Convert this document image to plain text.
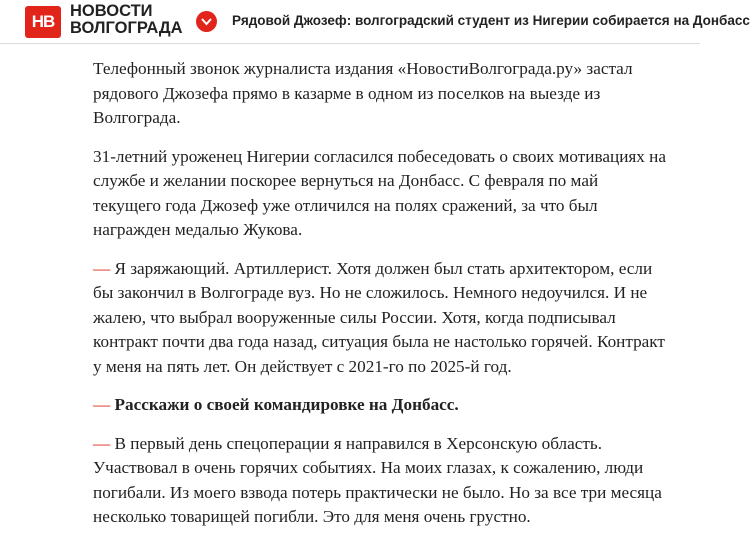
НВ
НОВОСТИ
ВОЛГОГРАДА	Рядовой Джозеф: волгоградский студент из Нигерии собирается на Донбасс

Телефонный звонок журналиста издания «НовостиВолгограда.ру» застал рядового Джозефа прямо в казарме в одном из поселков на выезде из Волгограда.

31-летний уроженец Нигерии согласился побеседовать о своих мотивациях на службе и желании поскорее вернуться на Донбасс. С февраля по май текущего года Джозеф уже отличился на полях сражений, за что был награжден медалью Жукова.

— Я заряжающий. Артиллерист. Хотя должен был стать архитектором, если бы закончил в Волгограде вуз. Но не сложилось. Немного недоучился. И не жалею, что выбрал вооруженные силы России. Хотя, когда подписывал контракт почти два года назад, ситуация была не настолько горячей. Контракт у меня на пять лет. Он действует с 2021-го по 2025-й год.

— Расскажи о своей командировке на Донбасс.

— В первый день спецоперации я направился в Херсонскую область. Участвовал в очень горячих событиях. На моих глазах, к сожалению, люди погибали. Из моего взвода потерь практически не было. Но за все три месяца несколько товарищей погибли. Это для меня очень грустно.
